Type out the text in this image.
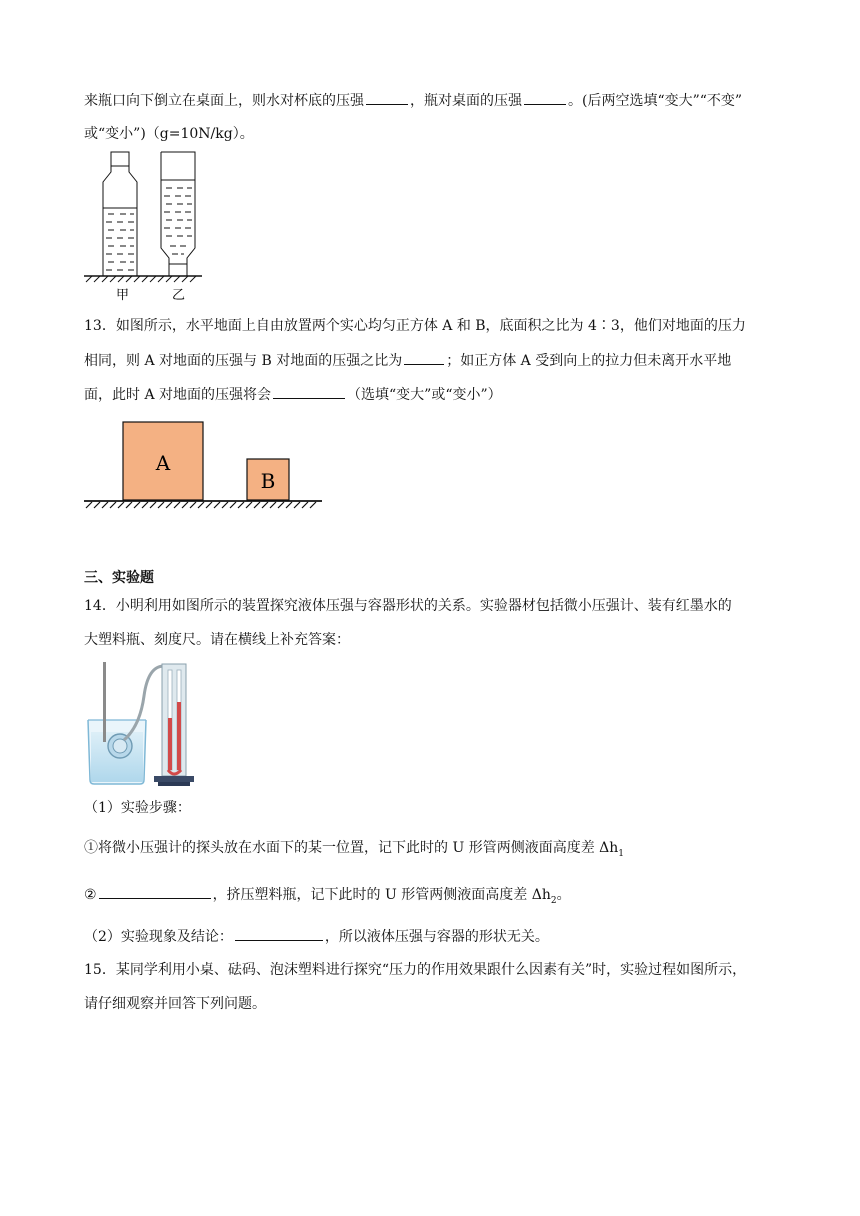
来瓶口向下倒立在桌面上，则水对杯底的压强	，瓶对桌面的压强	。(后两空选填“变大”“不变”
或“变小”)（g=10N/kg）。
甲	乙
13．如图所示，水平地面上自由放置两个实心均匀正方体 A 和 B，底面积之比为 4∶3，他们对地面的压力
相同，则 A 对地面的压强与 B 对地面的压强之比为	；如正方体 A 受到向上的拉力但未离开水平地
面，此时 A 对地面的压强将会	（选填“变大”或“变小”）
A
B
三、实验题
14．小明利用如图所示的装置探究液体压强与容器形状的关系。实验器材包括微小压强计、装有红墨水的
大塑料瓶、刻度尺。请在横线上补充答案：
（1）实验步骤：
①将微小压强计的探头放在水面下的某一位置，记下此时的 U 形管两侧液面高度差 $\Delta h_1$
②	，挤压塑料瓶，记下此时的 U 形管两侧液面高度差 $\Delta h_2$。
（2）实验现象及结论：	，所以液体压强与容器的形状无关。
15．某同学利用小桌、砝码、泡沫塑料进行探究“压力的作用效果跟什么因素有关”时，实验过程如图所示，
请仔细观察并回答下列问题。
